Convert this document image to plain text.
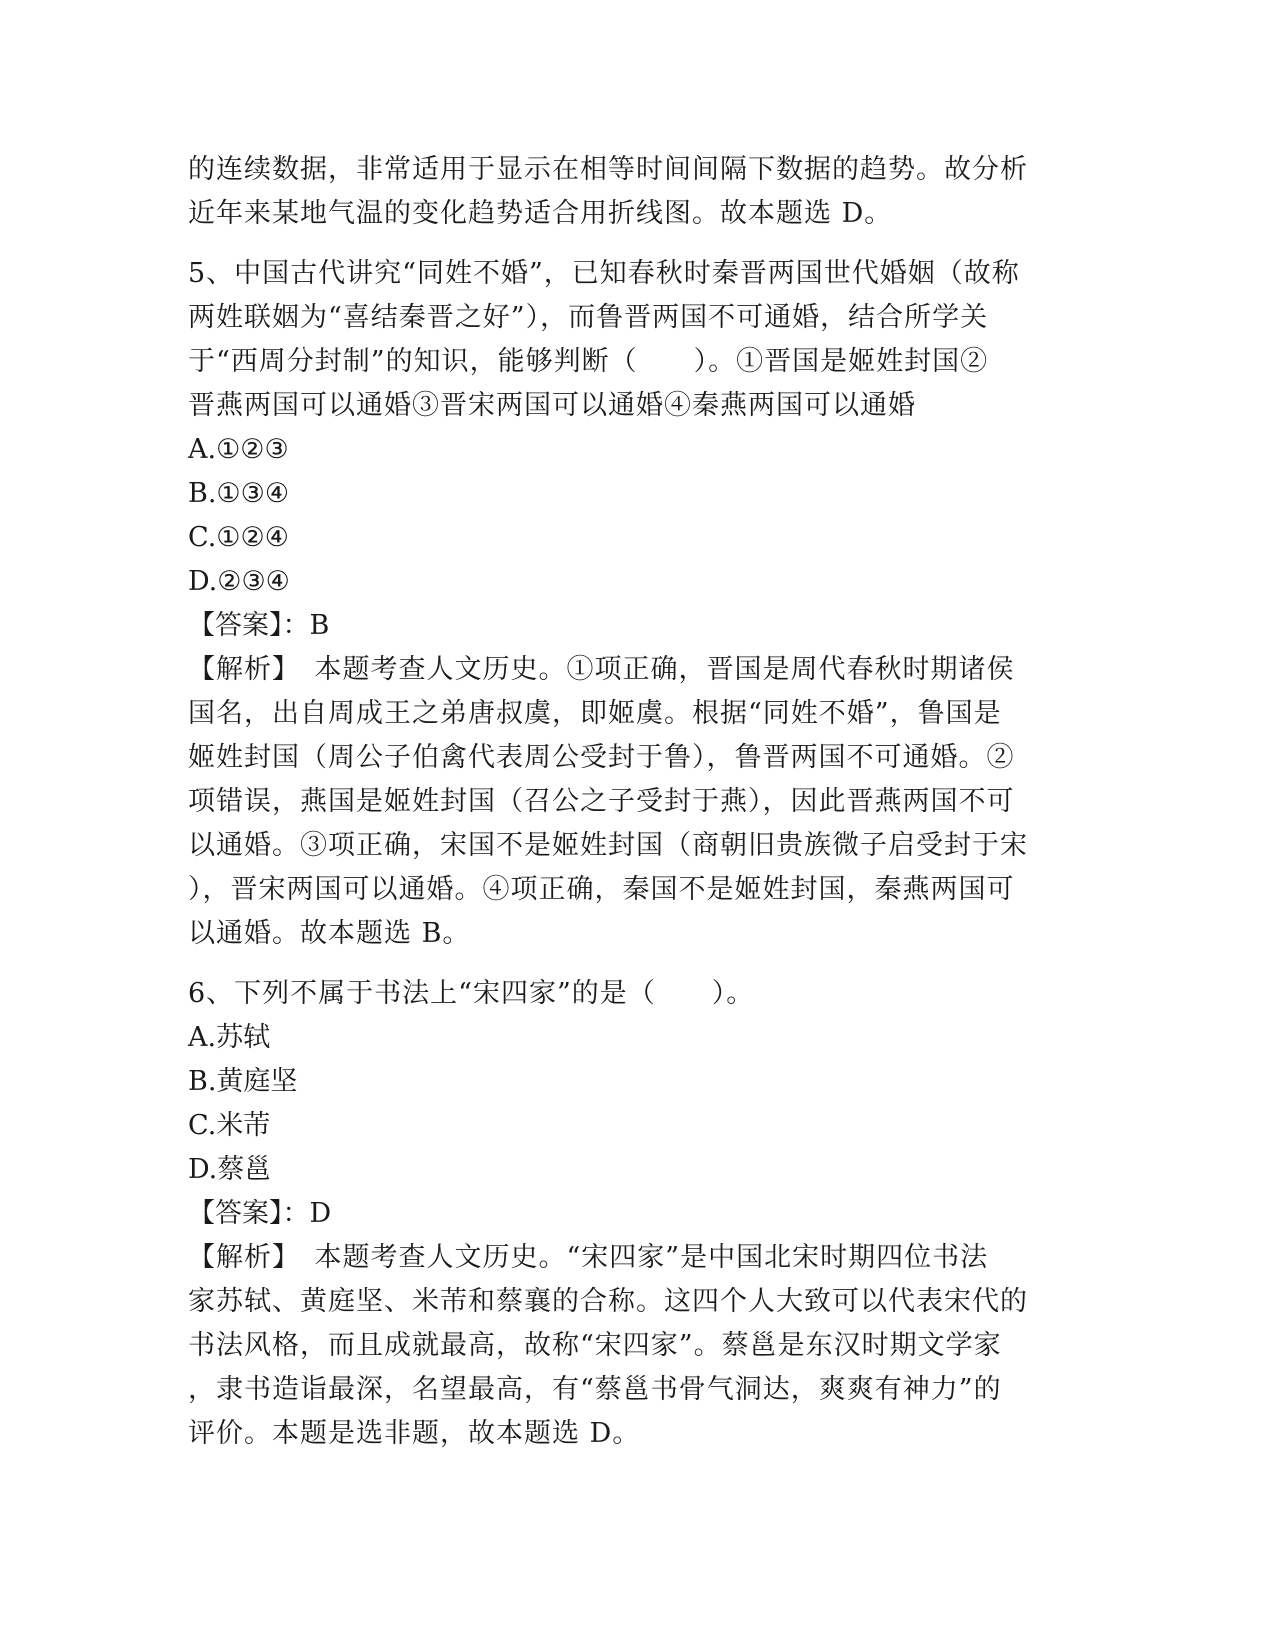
的连续数据，非常适用于显示在相等时间间隔下数据的趋势。故分析
近年来某地气温的变化趋势适合用折线图。故本题选 D。
5、中国古代讲究“同姓不婚”，已知春秋时秦晋两国世代婚姻（故称
两姓联姻为“喜结秦晋之好”），而鲁晋两国不可通婚，结合所学关
于“西周分封制”的知识，能够判断（　　）。①晋国是姬姓封国②
晋燕两国可以通婚③晋宋两国可以通婚④秦燕两国可以通婚
A.①②③
B.①③④
C.①②④
D.②③④
【答案】：B
【解析】　本题考查人文历史。①项正确，晋国是周代春秋时期诸侯
国名，出自周成王之弟唐叔虞，即姬虞。根据“同姓不婚”，鲁国是
姬姓封国（周公子伯禽代表周公受封于鲁），鲁晋两国不可通婚。②
项错误，燕国是姬姓封国（召公之子受封于燕），因此晋燕两国不可
以通婚。③项正确，宋国不是姬姓封国（商朝旧贵族微子启受封于宋
），晋宋两国可以通婚。④项正确，秦国不是姬姓封国，秦燕两国可
以通婚。故本题选 B。
6、下列不属于书法上“宋四家”的是（　　）。
A.苏轼
B.黄庭坚
C.米芾
D.蔡邕
【答案】：D
【解析】　本题考查人文历史。“宋四家”是中国北宋时期四位书法
家苏轼、黄庭坚、米芾和蔡襄的合称。这四个人大致可以代表宋代的
书法风格，而且成就最高，故称“宋四家”。蔡邕是东汉时期文学家
，隶书造诣最深，名望最高，有“蔡邕书骨气洞达，爽爽有神力”的
评价。本题是选非题，故本题选 D。
